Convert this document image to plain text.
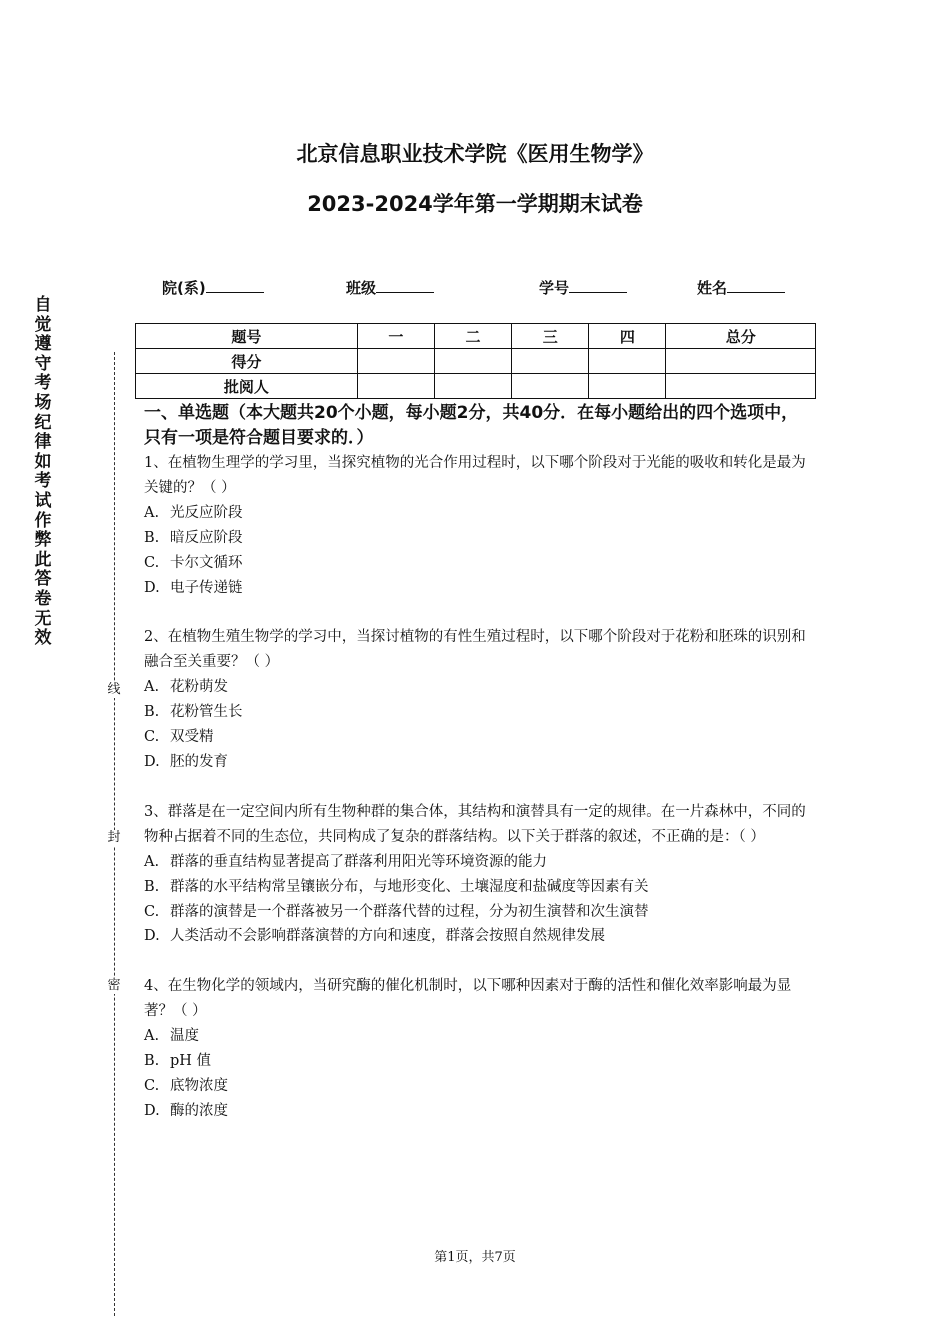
北京信息职业技术学院《医用生物学》
2023-2024学年第一学期期末试卷
院(系)	班级	学号	姓名
题号	一	二	三	四	总分
得分					
批阅人					
自
觉
遵
守
考
场
纪
律
如
考
试
作
弊
此
答
卷
无
效
线
封
密
一、单选题（本大题共20个小题，每小题2分，共40分．在每小题给出的四个选项中，只有一项是符合题目要求的．）
1、在植物生理学的学习里，当探究植物的光合作用过程时，以下哪个阶段对于光能的吸收和转化是最为关键的？（ ）
A. 光反应阶段
B. 暗反应阶段
C. 卡尔文循环
D. 电子传递链
2、在植物生殖生物学的学习中，当探讨植物的有性生殖过程时，以下哪个阶段对于花粉和胚珠的识别和融合至关重要？（ ）
A. 花粉萌发
B. 花粉管生长
C. 双受精
D. 胚的发育
3、群落是在一定空间内所有生物种群的集合体，其结构和演替具有一定的规律。在一片森林中，不同的物种占据着不同的生态位，共同构成了复杂的群落结构。以下关于群落的叙述，不正确的是：（ ）
A. 群落的垂直结构显著提高了群落利用阳光等环境资源的能力
B. 群落的水平结构常呈镶嵌分布，与地形变化、土壤湿度和盐碱度等因素有关
C. 群落的演替是一个群落被另一个群落代替的过程，分为初生演替和次生演替
D. 人类活动不会影响群落演替的方向和速度，群落会按照自然规律发展
4、在生物化学的领域内，当研究酶的催化机制时，以下哪种因素对于酶的活性和催化效率影响最为显著？（ ）
A. 温度
B. pH 值
C. 底物浓度
D. 酶的浓度
第1页，共7页
